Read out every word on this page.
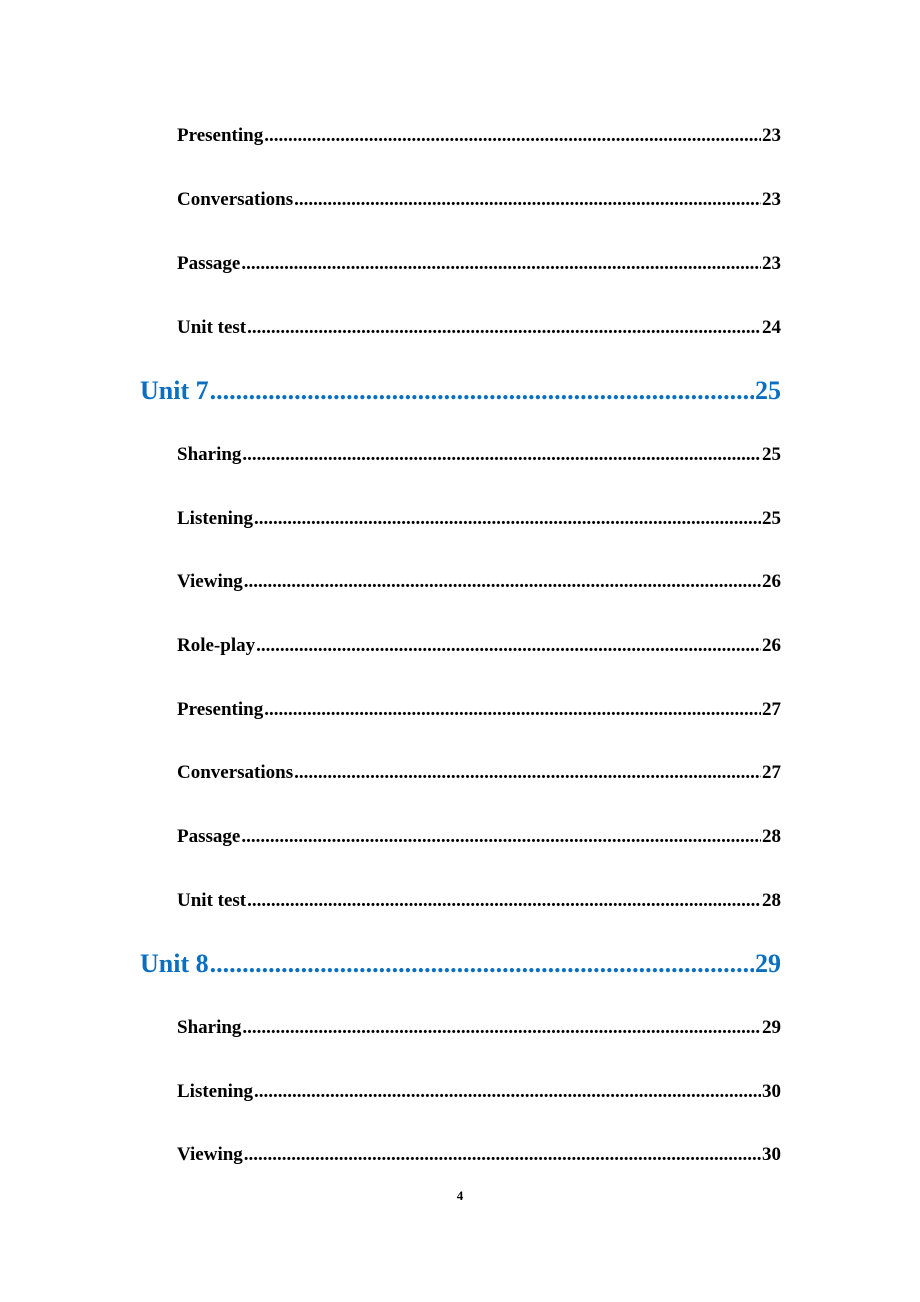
Presenting .....	23
Conversations .....	23
Passage .....	23
Unit test .....	24
Unit 7 .....	25
Sharing .....	25
Listening .....	25
Viewing .....	26
Role-play .....	26
Presenting .....	27
Conversations .....	27
Passage .....	28
Unit test .....	28
Unit 8 .....	29
Sharing .....	29
Listening .....	30
Viewing .....	30
4
